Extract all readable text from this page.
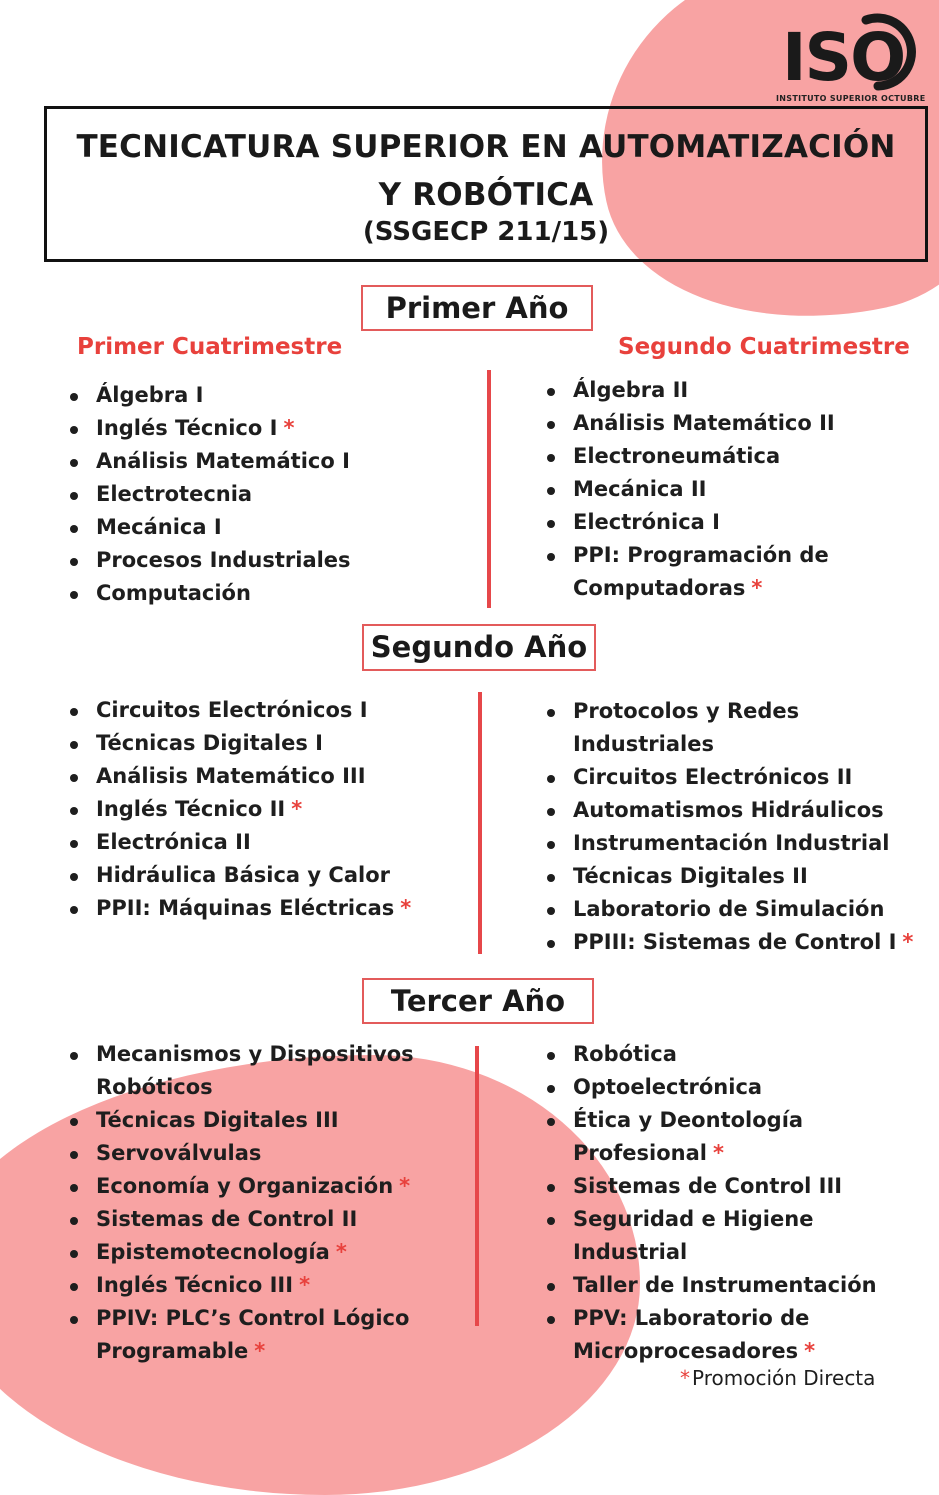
ISO
INSTITUTO SUPERIOR OCTUBRE
TECNICATURA SUPERIOR EN AUTOMATIZACIÓN Y ROBÓTICA
(SSGECP 211/15)
Primer Año
Primer Cuatrimestre	Segundo Cuatrimestre
Álgebra I
Inglés Técnico I *
Análisis Matemático I
Electrotecnia
Mecánica I
Procesos Industriales
Computación
Álgebra II
Análisis Matemático II
Electroneumática
Mecánica II
Electrónica I
PPI: Programación de Computadoras *
Segundo Año
Circuitos Electrónicos I
Técnicas Digitales I
Análisis Matemático III
Inglés Técnico II *
Electrónica II
Hidráulica Básica y Calor
PPII: Máquinas Eléctricas *
Protocolos y Redes Industriales
Circuitos Electrónicos II
Automatismos Hidráulicos
Instrumentación Industrial
Técnicas Digitales II
Laboratorio de Simulación
PPIII: Sistemas de Control I *
Tercer Año
Mecanismos y Dispositivos Robóticos
Técnicas Digitales III
Servoválvulas
Economía y Organización *
Sistemas de Control II
Epistemotecnología *
Inglés Técnico III *
PPIV: PLC’s Control Lógico Programable *
Robótica
Optoelectrónica
Ética y Deontología Profesional *
Sistemas de Control III
Seguridad e Higiene Industrial
Taller de Instrumentación
PPV: Laboratorio de Microprocesadores *
* Promoción Directa
